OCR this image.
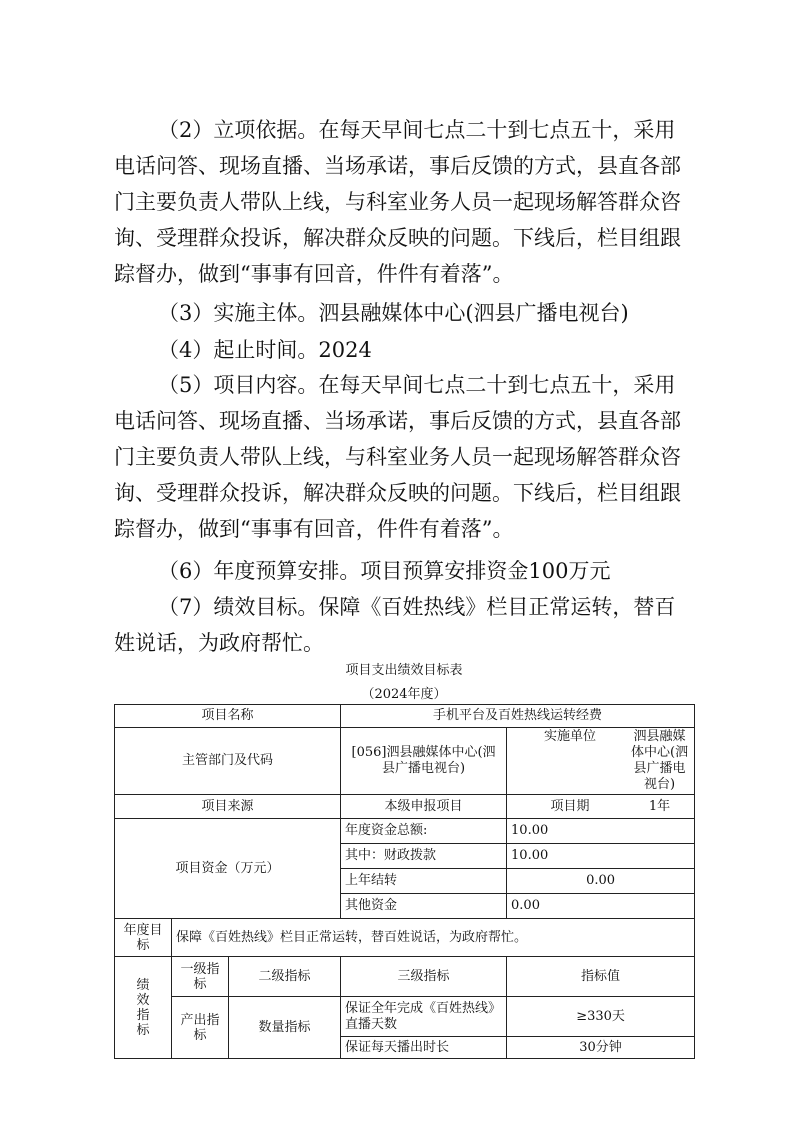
（2）立项依据。在每天早间七点二十到七点五十，采用电话问答、现场直播、当场承诺，事后反馈的方式，县直各部门主要负责人带队上线，与科室业务人员一起现场解答群众咨询、受理群众投诉，解决群众反映的问题。下线后，栏目组跟踪督办，做到“事事有回音，件件有着落”。
（3）实施主体。泗县融媒体中心(泗县广播电视台)
（4）起止时间。2024
（5）项目内容。在每天早间七点二十到七点五十，采用电话问答、现场直播、当场承诺，事后反馈的方式，县直各部门主要负责人带队上线，与科室业务人员一起现场解答群众咨询、受理群众投诉，解决群众反映的问题。下线后，栏目组跟踪督办，做到“事事有回音，件件有着落”。
（6）年度预算安排。项目预算安排资金100万元
（7）绩效目标。保障《百姓热线》栏目正常运转，替百姓说话，为政府帮忙。
项目支出绩效目标表
（2024年度）
项目名称			手机平台及百姓热线运转经费	
主管部门及代码			[056]泗县融媒体中心(泗县广播电视台)	实施单位 泗县融媒体中心(泗县广播电视台)

项目来源			本级申报项目	项目期 1年

项目资金（万元）			年度资金总额:	10.00
			其中：财政拨款	10.00
			上年结转	0.00
			其他资金	0.00
年度目标	保障《百姓热线》栏目正常运转，替百姓说话，为政府帮忙。			

绩效指标	一级指标	二级指标	三级指标	指标值
	产出指标	数量指标	保证全年完成《百姓热线》直播天数	≥330天
			保证每天播出时长	30分钟
